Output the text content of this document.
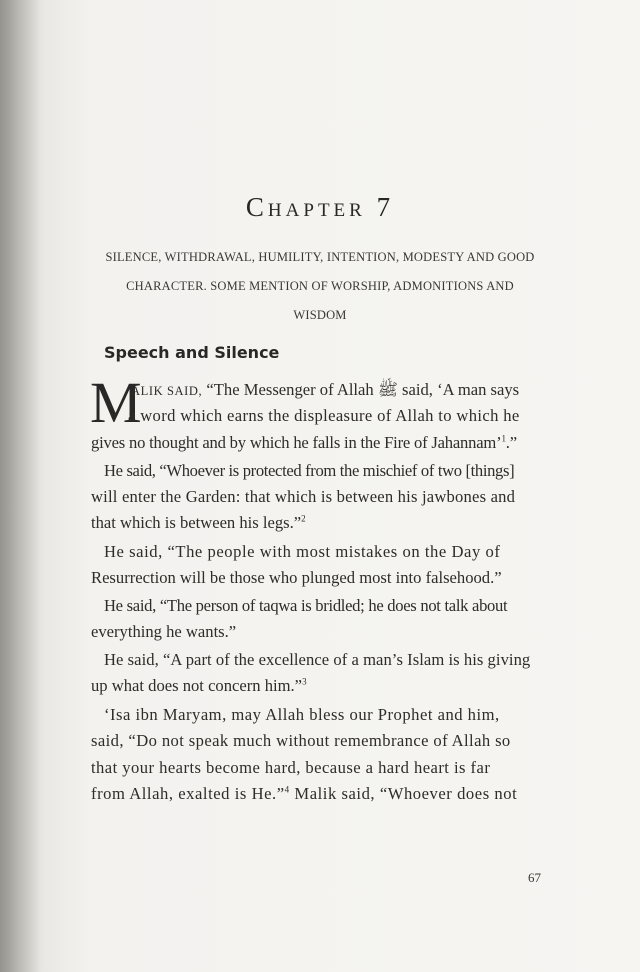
Chapter 7
SILENCE, WITHDRAWAL, HUMILITY, INTENTION, MODESTY AND GOOD CHARACTER. SOME MENTION OF WORSHIP, ADMONITIONS AND WISDOM
Speech and Silence
M
ALIK SAID, “The Messenger of Allah ﷺ said, ‘A man says
a word which earns the displeasure of Allah to which he
gives no thought and by which he falls in the Fire of Jahannam’$^1$.”
He said, “Whoever is protected from the mischief of two [things]
will enter the Garden: that which is between his jawbones and
that which is between his legs.”$^2$
He said, “The people with most mistakes on the Day of
Resurrection will be those who plunged most into falsehood.”
He said, “The person of taqwa is bridled; he does not talk about
everything he wants.”
He said, “A part of the excellence of a man’s Islam is his giving
up what does not concern him.”$^3$
‘Isa ibn Maryam, may Allah bless our Prophet and him,
said, “Do not speak much without remembrance of Allah so
that your hearts become hard, because a hard heart is far
from Allah, exalted is He.”$^4$ Malik said, “Whoever does not
67
